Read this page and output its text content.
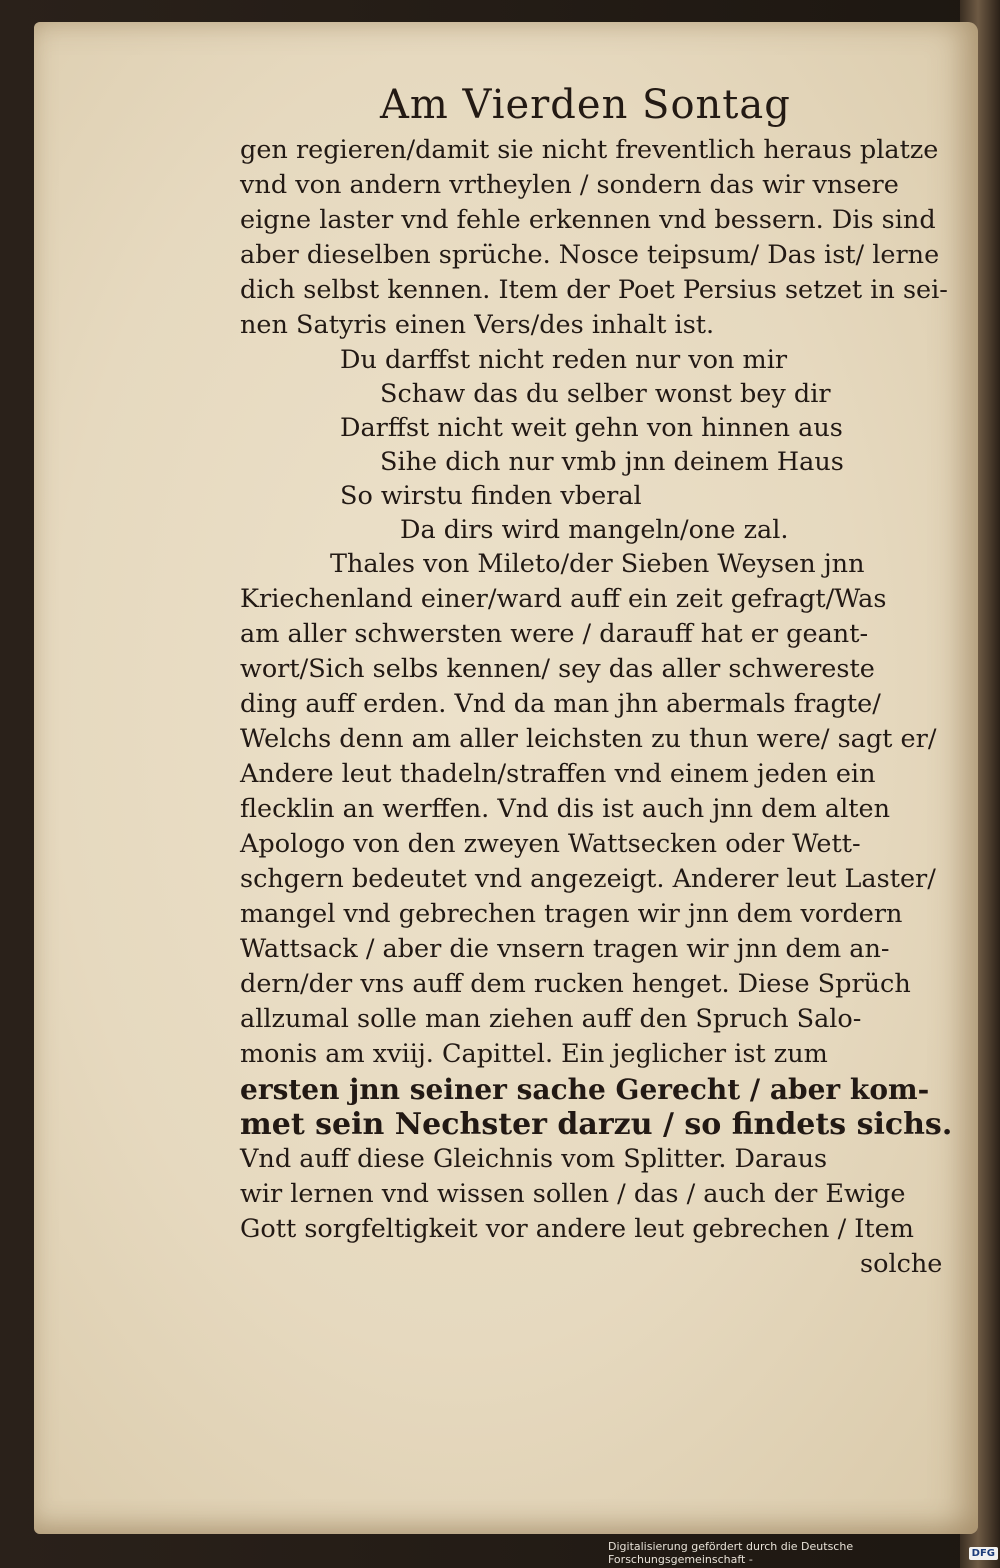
Am Vierden Sontag
gen regieren/damit sie nicht freventlich heraus platze
vnd von andern vrtheylen / sondern das wir vnsere
eigne laster vnd fehle erkennen vnd bessern. Dis sind
aber dieselben sprüche. Nosce teipsum/ Das ist/ lerne
dich selbst kennen. Item der Poet Persius setzet in sei-
nen Satyris einen Vers/des inhalt ist.
Du darffst nicht reden nur von mir
Schaw das du selber wonst bey dir
Darffst nicht weit gehn von hinnen aus
Sihe dich nur vmb jnn deinem Haus
So wirstu finden vberal
Da dirs wird mangeln/one zal.
Thales von Mileto/der Sieben Weysen jnn
Kriechenland einer/ward auff ein zeit gefragt/Was
am aller schwersten were / darauff hat er geant-
wort/Sich selbs kennen/ sey das aller schwereste
ding auff erden. Vnd da man jhn abermals fragte/
Welchs denn am aller leichsten zu thun were/ sagt er/
Andere leut thadeln/straffen vnd einem jeden ein
flecklin an werffen. Vnd dis ist auch jnn dem alten
Apologo von den zweyen Wattsecken oder Wett-
schgern bedeutet vnd angezeigt. Anderer leut Laster/
mangel vnd gebrechen tragen wir jnn dem vordern
Wattsack / aber die vnsern tragen wir jnn dem an-
dern/der vns auff dem rucken henget. Diese Sprüch
allzumal solle man ziehen auff den Spruch Salo-
monis am xviij. Capittel. Ein jeglicher ist zum
ersten jnn seiner sache Gerecht / aber kom-
met sein Nechster darzu / so findets sichs.
Vnd auff diese Gleichnis vom Splitter. Daraus
wir lernen vnd wissen sollen / das / auch der Ewige
Gott sorgfeltigkeit vor andere leut gebrechen / Item
solche
Digitalisierung gefördert durch die Deutsche Forschungsgemeinschaft -	DFG
